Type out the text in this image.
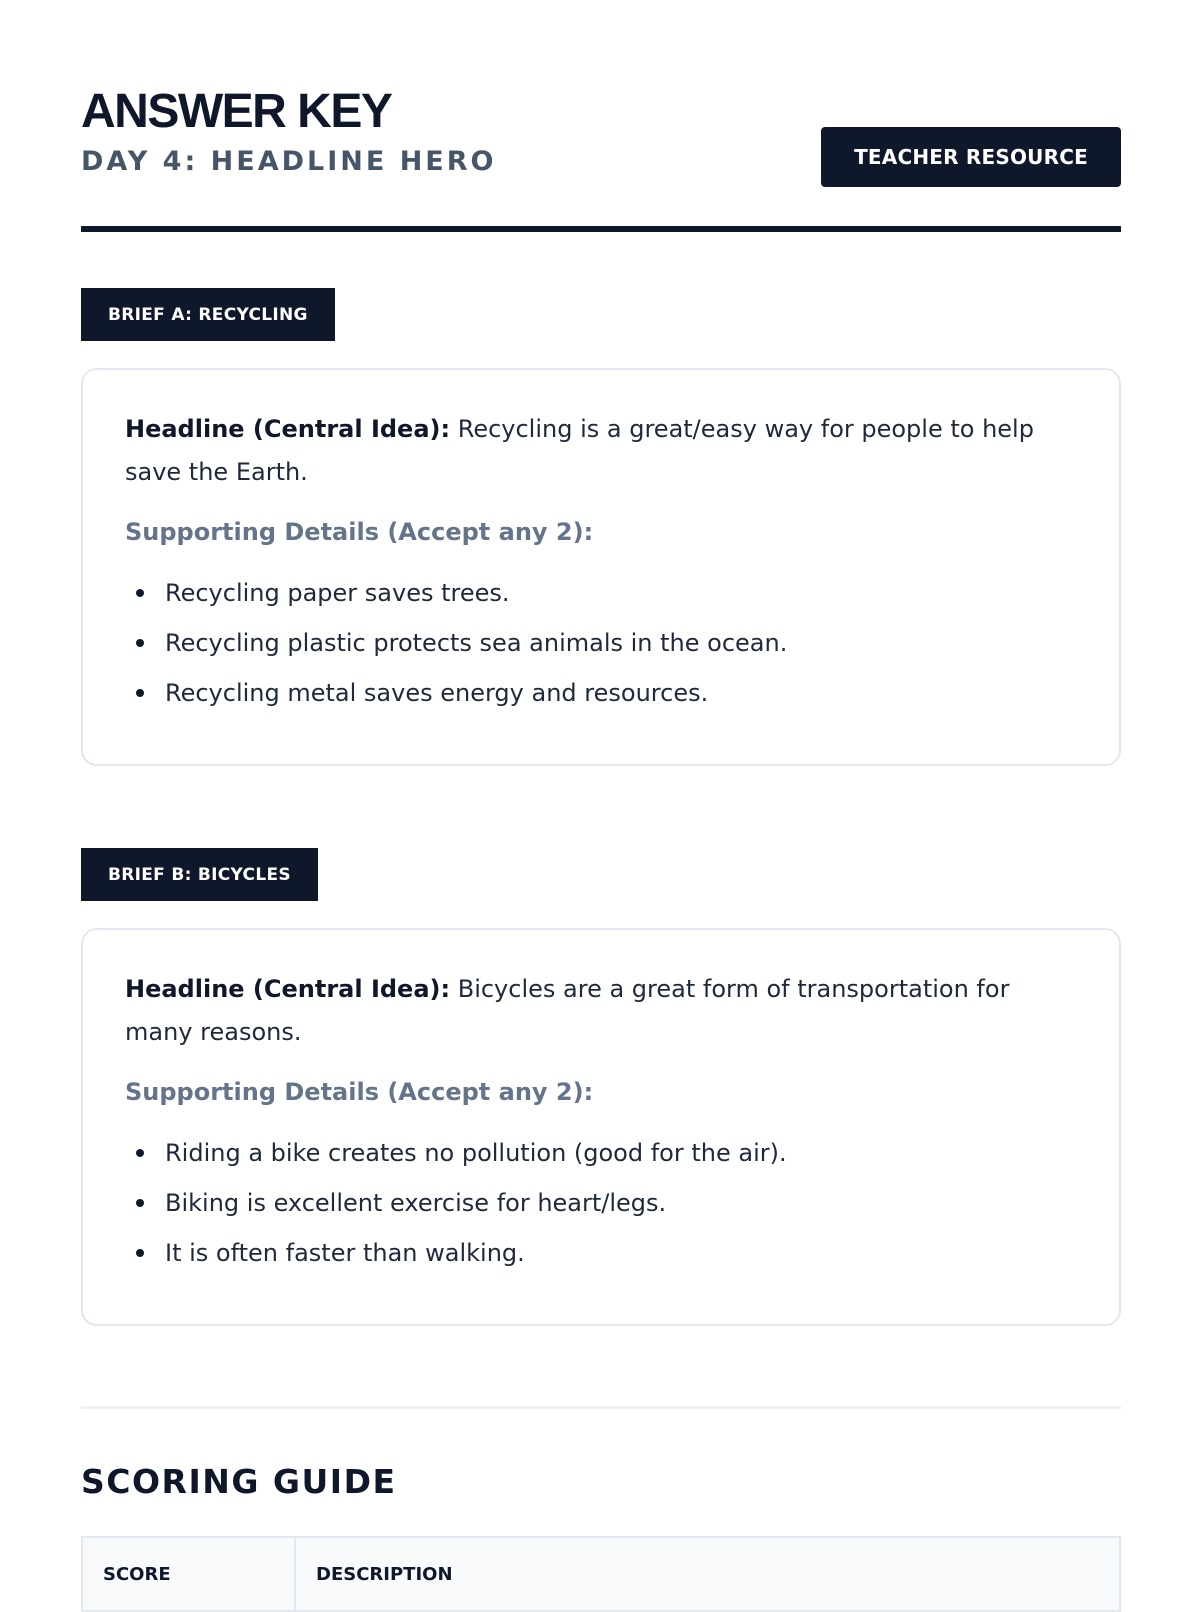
ANSWER KEY
DAY 4: HEADLINE HERO	TEACHER RESOURCE
BRIEF A: RECYCLING

Headline (Central Idea): Recycling is a great/easy way for people to help save the Earth.

Supporting Details (Accept any 2):
Recycling paper saves trees.
Recycling plastic protects sea animals in the ocean.
Recycling metal saves energy and resources.
BRIEF B: BICYCLES

Headline (Central Idea): Bicycles are a great form of transportation for many reasons.

Supporting Details (Accept any 2):
Riding a bike creates no pollution (good for the air).
Biking is excellent exercise for heart/legs.
It is often faster than walking.
SCORING GUIDE
SCORE	DESCRIPTION
